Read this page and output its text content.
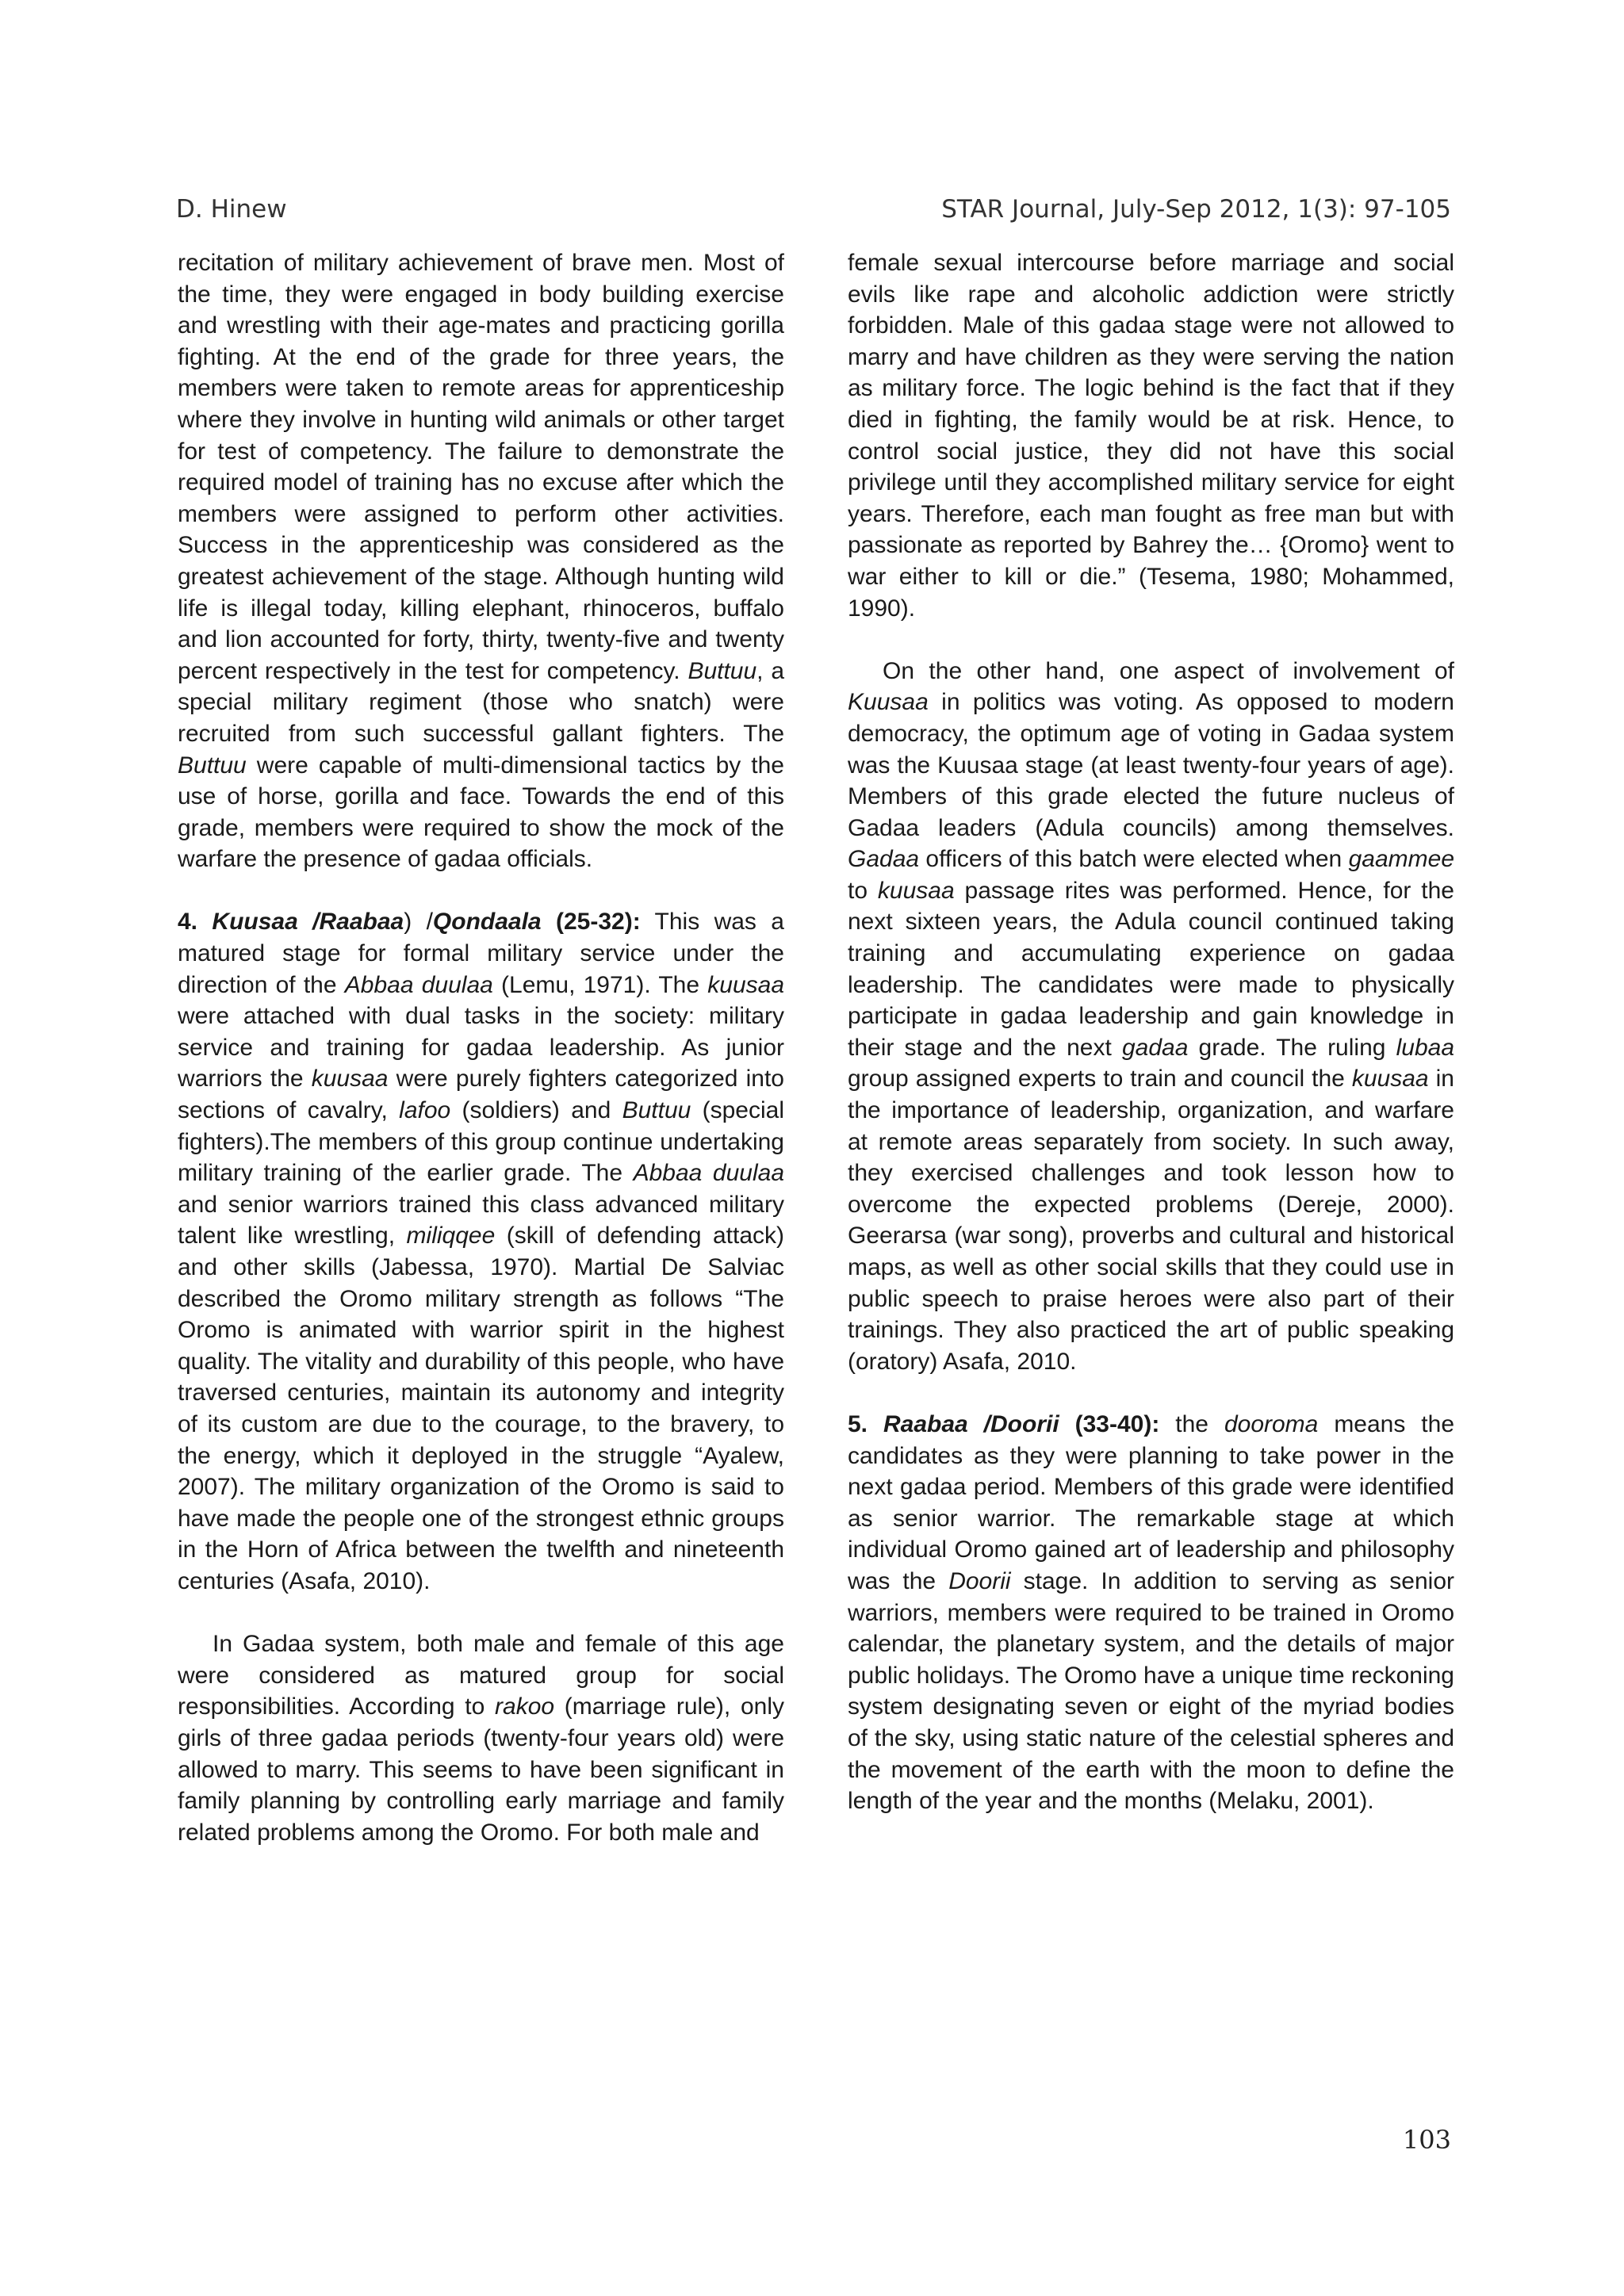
D. Hinew	STAR Journal, July-Sep 2012, 1(3): 97-105

recitation of military achievement of brave men. Most of the time, they were engaged in body building exercise and wrestling with their age-mates and practicing gorilla fighting. At the end of the grade for three years, the members were taken to remote areas for apprenticeship where they involve in hunting wild animals or other target for test of competency. The failure to demonstrate the required model of training has no excuse after which the members were assigned to perform other activities. Success in the apprenticeship was considered as the greatest achievement of the stage. Although hunting wild life is illegal today, killing elephant, rhinoceros, buffalo and lion accounted for forty, thirty, twenty-five and twenty percent respectively in the test for competency. Buttuu, a special military regiment (those who snatch) were recruited from such successful gallant fighters. The Buttuu were capable of multi-dimensional tactics by the use of horse, gorilla and face. Towards the end of this grade, members were required to show the mock of the warfare the presence of gadaa officials.

4. Kuusaa /Raabaa) /Qondaala (25-32): This was a matured stage for formal military service under the direction of the Abbaa duulaa (Lemu, 1971). The kuusaa were attached with dual tasks in the society: military service and training for gadaa leadership. As junior warriors the kuusaa were purely fighters categorized into sections of cavalry, lafoo (soldiers) and Buttuu (special fighters).The members of this group continue undertaking military training of the earlier grade. The Abbaa duulaa and senior warriors trained this class advanced military talent like wrestling, miliqqee (skill of defending attack) and other skills (Jabessa, 1970). Martial De Salviac described the Oromo military strength as follows “The Oromo is animated with warrior spirit in the highest quality. The vitality and durability of this people, who have traversed centuries, maintain its autonomy and integrity of its custom are due to the courage, to the bravery, to the energy, which it deployed in the struggle “Ayalew, 2007). The military organization of the Oromo is said to have made the people one of the strongest ethnic groups in the Horn of Africa between the twelfth and nineteenth centuries (Asafa, 2010).

In Gadaa system, both male and female of this age were considered as matured group for social responsibilities. According to rakoo (marriage rule), only girls of three gadaa periods (twenty-four years old) were allowed to marry. This seems to have been significant in family planning by controlling early marriage and family related problems among the Oromo. For both male and

female sexual intercourse before marriage and social evils like rape and alcoholic addiction were strictly forbidden. Male of this gadaa stage were not allowed to marry and have children as they were serving the nation as military force. The logic behind is the fact that if they died in fighting, the family would be at risk. Hence, to control social justice, they did not have this social privilege until they accomplished military service for eight years. Therefore, each man fought as free man but with passionate as reported by Bahrey the… {Oromo} went to war either to kill or die.” (Tesema, 1980; Mohammed, 1990).

On the other hand, one aspect of involvement of Kuusaa in politics was voting. As opposed to modern democracy, the optimum age of voting in Gadaa system was the Kuusaa stage (at least twenty-four years of age). Members of this grade elected the future nucleus of Gadaa leaders (Adula councils) among themselves. Gadaa officers of this batch were elected when gaammee to kuusaa passage rites was performed. Hence, for the next sixteen years, the Adula council continued taking training and accumulating experience on gadaa leadership. The candidates were made to physically participate in gadaa leadership and gain knowledge in their stage and the next gadaa grade. The ruling lubaa group assigned experts to train and council the kuusaa in the importance of leadership, organization, and warfare at remote areas separately from society. In such away, they exercised challenges and took lesson how to overcome the expected problems (Dereje, 2000). Geerarsa (war song), proverbs and cultural and historical maps, as well as other social skills that they could use in public speech to praise heroes were also part of their trainings. They also practiced the art of public speaking (oratory) Asafa, 2010.

5. Raabaa /Doorii (33-40): the dooroma means the candidates as they were planning to take power in the next gadaa period. Members of this grade were identified as senior warrior. The remarkable stage at which individual Oromo gained art of leadership and philosophy was the Doorii stage. In addition to serving as senior warriors, members were required to be trained in Oromo calendar, the planetary system, and the details of major public holidays. The Oromo have a unique time reckoning system designating seven or eight of the myriad bodies of the sky, using static nature of the celestial spheres and the movement of the earth with the moon to define the length of the year and the months (Melaku, 2001).

103
